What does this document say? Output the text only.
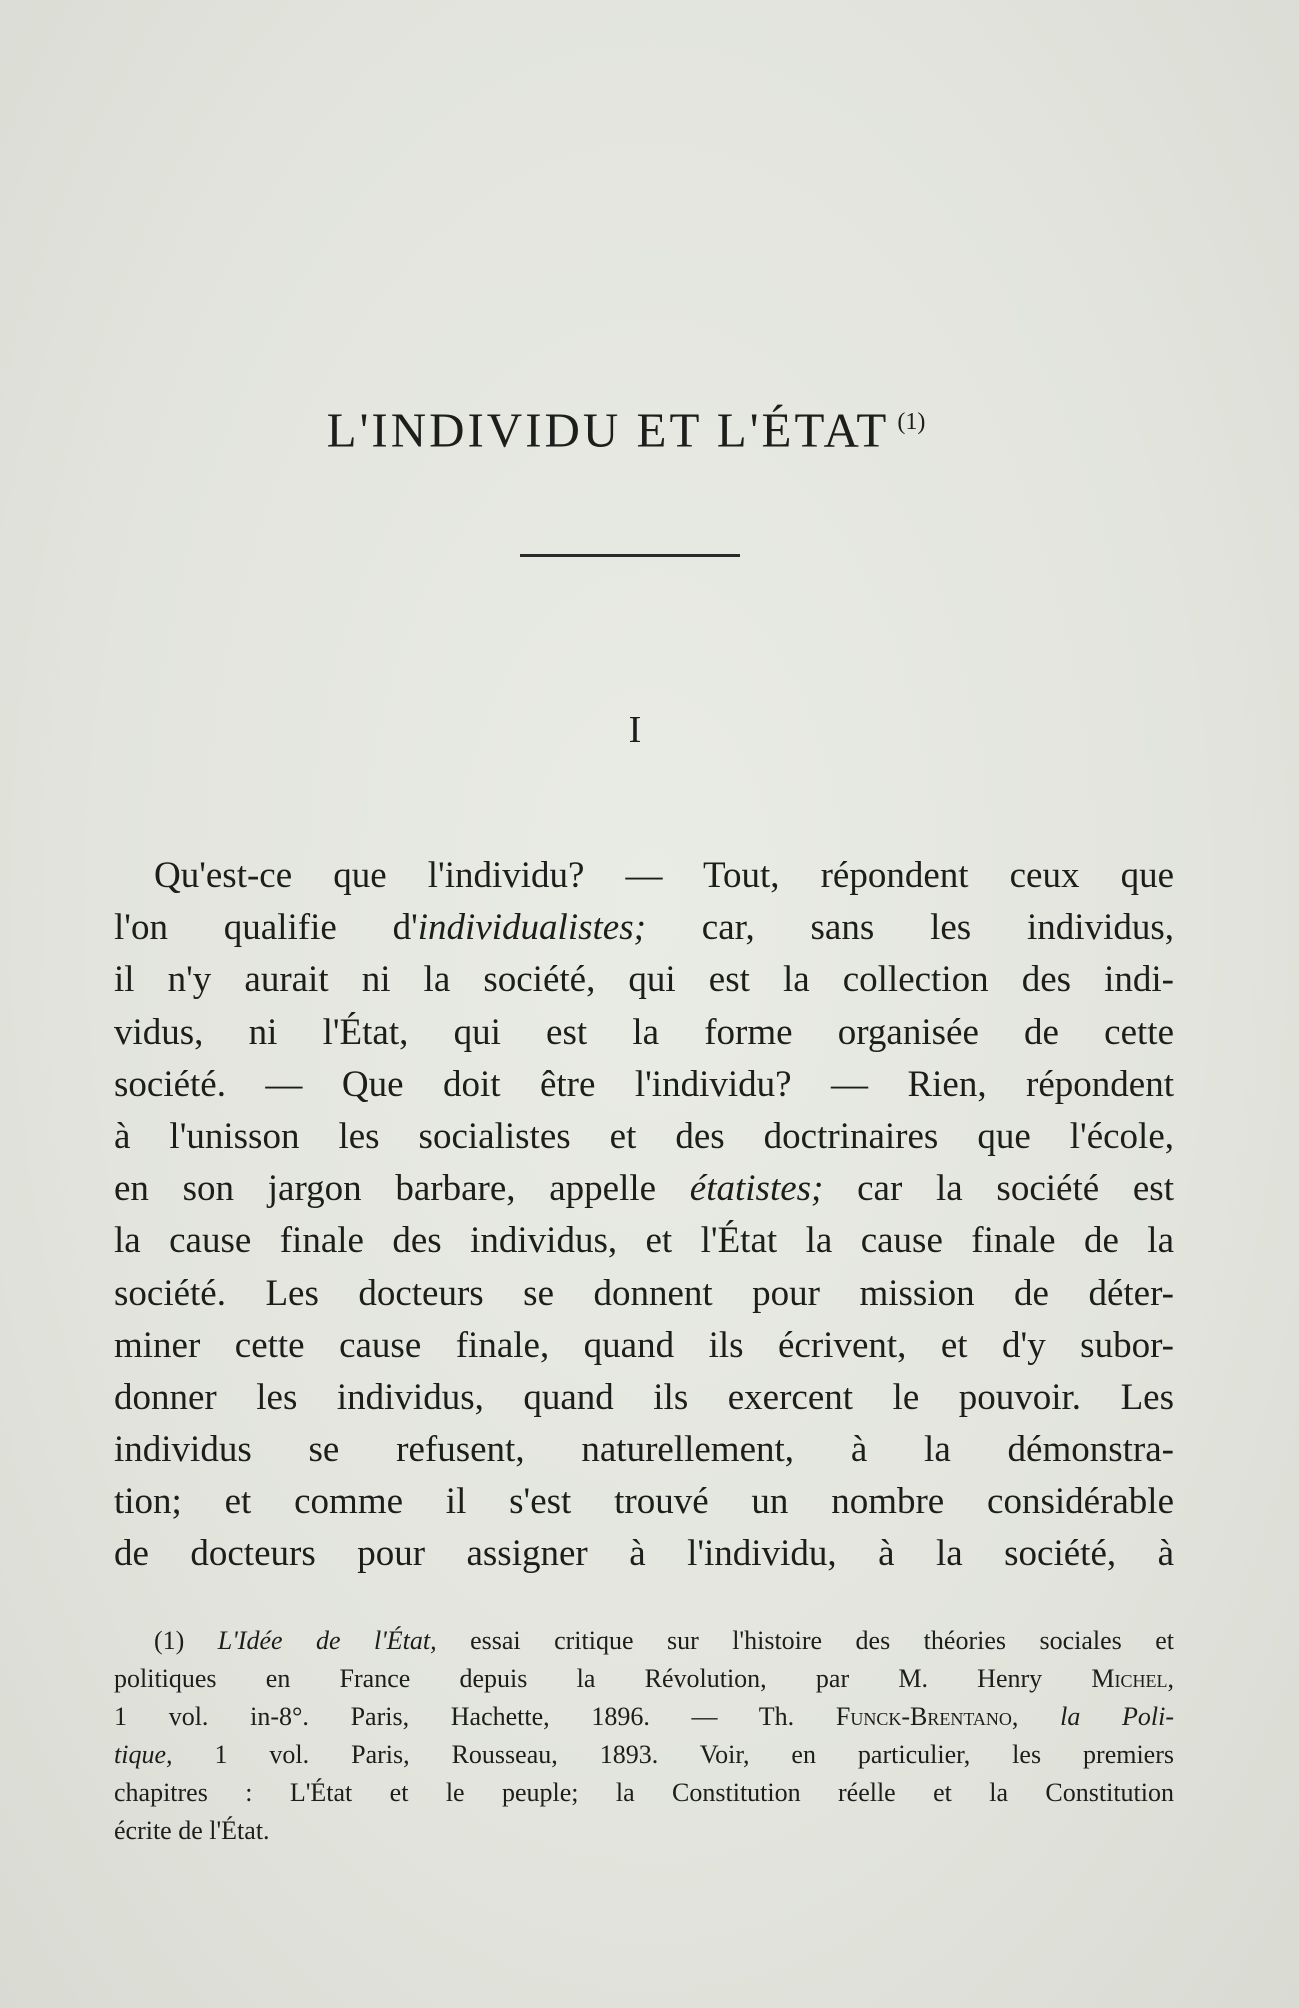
L'INDIVIDU ET L'ÉTAT $^{(1)}$
I
Qu'est-ce que l'individu? — Tout, répondent ceux que
l'on qualifie d'individualistes; car, sans les individus,
il n'y aurait ni la société, qui est la collection des indi-
vidus, ni l'État, qui est la forme organisée de cette
société. — Que doit être l'individu? — Rien, répondent
à l'unisson les socialistes et des doctrinaires que l'école,
en son jargon barbare, appelle étatistes; car la société est
la cause finale des individus, et l'État la cause finale de la
société. Les docteurs se donnent pour mission de déter-
miner cette cause finale, quand ils écrivent, et d'y subor-
donner les individus, quand ils exercent le pouvoir. Les
individus se refusent, naturellement, à la démonstra-
tion; et comme il s'est trouvé un nombre considérable
de docteurs pour assigner à l'individu, à la société, à
(1) L'Idée de l'État, essai critique sur l'histoire des théories sociales et
politiques en France depuis la Révolution, par M. Henry Michel,
1 vol. in-8°. Paris, Hachette, 1896. — Th. Funck-Brentano, la Poli-
tique, 1 vol. Paris, Rousseau, 1893. Voir, en particulier, les premiers
chapitres : L'État et le peuple; la Constitution réelle et la Constitution
écrite de l'État.
